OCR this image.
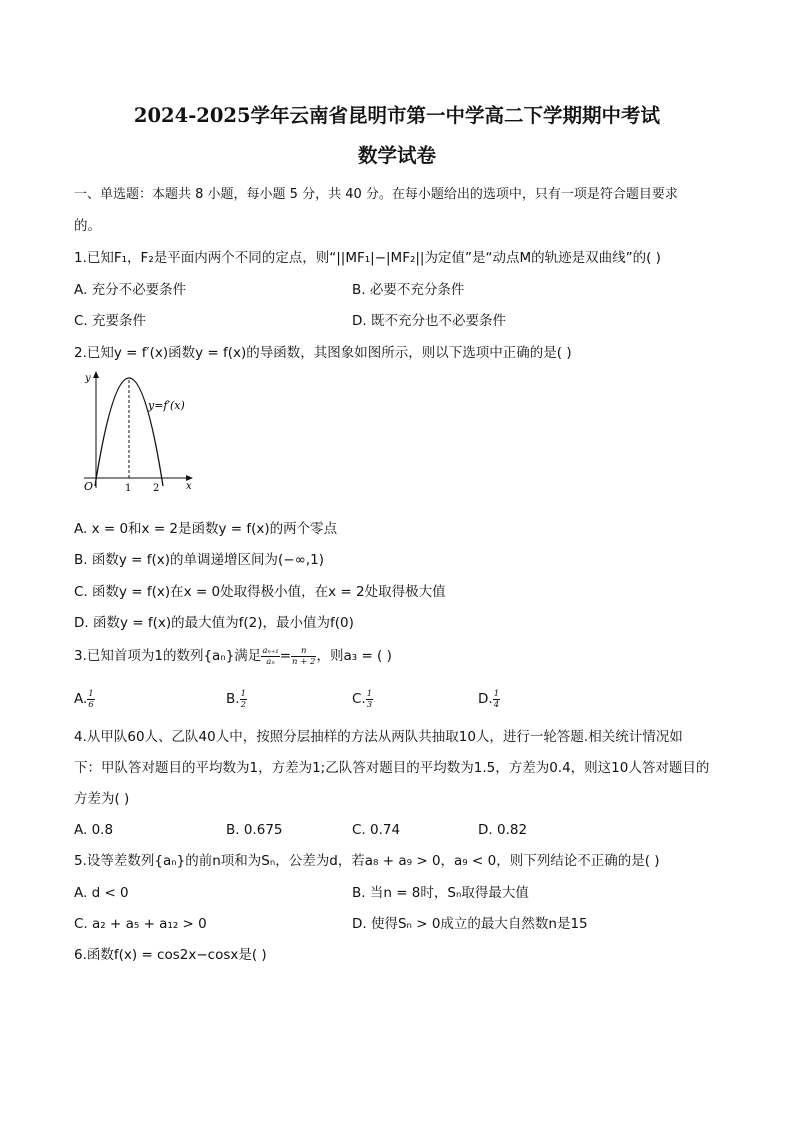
2024-2025学年云南省昆明市第一中学高二下学期期中考试
数学试卷
一、单选题：本题共 8 小题，每小题 5 分，共 40 分。在每小题给出的选项中，只有一项是符合题目要求
的。
1.已知F₁，F₂是平面内两个不同的定点，则“||MF₁|−|MF₂||为定值”是“动点M的轨迹是双曲线”的( )
A. 充分不必要条件	B. 必要不充分条件
C. 充要条件	D. 既不充分也不必要条件
2.已知y = f′(x)函数y = f(x)的导函数，其图象如图所示，则以下选项中正确的是( )
y
x
O	1 2
y=f′(x)
A. x = 0和x = 2是函数y = f(x)的两个零点
B. 函数y = f(x)的单调递增区间为(−∞,1)
C. 函数y = f(x)在x = 0处取得极小值，在x = 2处取得极大值
D. 函数y = f(x)的最大值为f(2)，最小值为f(0)
3.已知首项为1的数列{aₙ}满足 $\frac{\text{aₙ₊₁}}{\text{aₙ}} = \frac{n}{n + 2}$ ，则a₃ = ( )
A. $\frac{1}{6}$	B. $\frac{1}{2}$	C. $\frac{1}{3}$	D. $\frac{1}{4}$
4.从甲队60人、乙队40人中，按照分层抽样的方法从两队共抽取10人，进行一轮答题.相关统计情况如
下：甲队答对题目的平均数为1，方差为1;乙队答对题目的平均数为1.5，方差为0.4，则这10人答对题目的
方差为( )
A. 0.8	B. 0.675	C. 0.74	D. 0.82
5.设等差数列{aₙ}的前n项和为Sₙ，公差为d，若a₈ + a₉ > 0，a₉ < 0，则下列结论不正确的是( )
A. d < 0	B. 当n = 8时，Sₙ取得最大值
C. a₂ + a₅ + a₁₂ > 0	D. 使得Sₙ > 0成立的最大自然数n是15
6.函数f(x) = cos2x−cosx是( )
